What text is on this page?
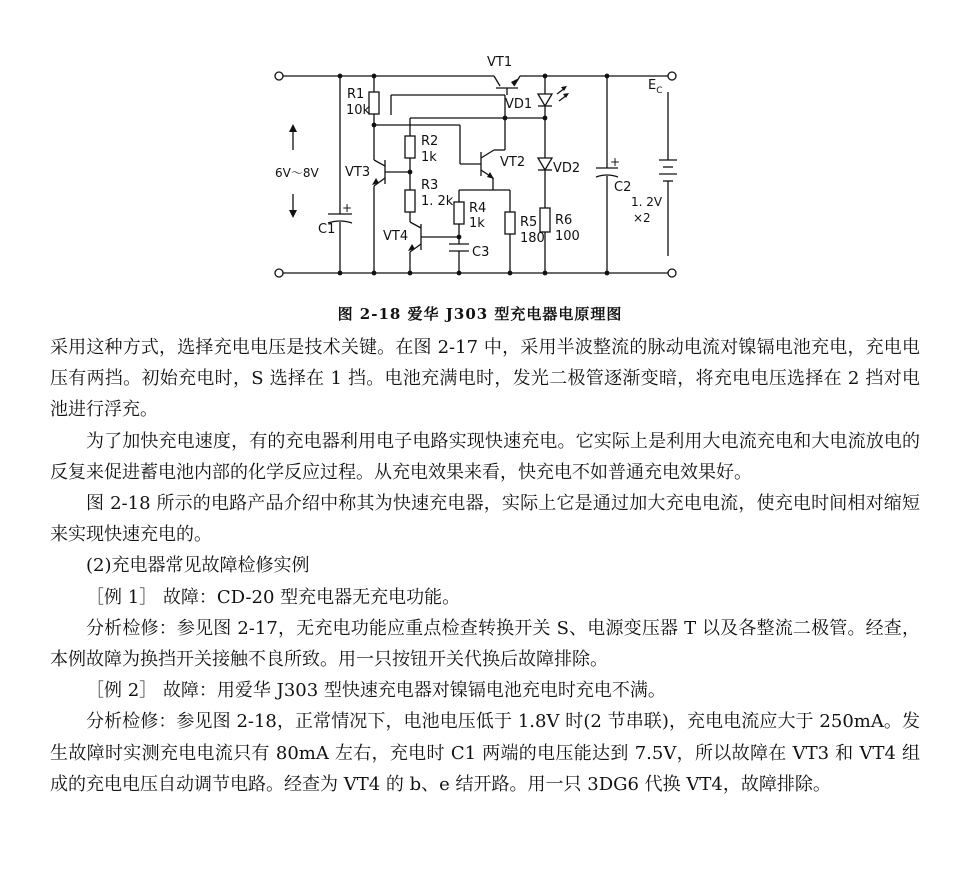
VT1
VD1
VD2
VT2
VT3
VT4
R1
10k
R2
1k
R3
1. 2k R4
1k	R5
180
R6
100
C3
C1
+
C2
+
6V～8V
$E_C$
1. 2V
×2
图 2-18 爱华 J303 型充电器电原理图

采用这种方式，选择充电电压是技术关键。在图 2-17 中，采用半波整流的脉动电流对镍镉电池充电，充电电压有两挡。初始充电时，S 选择在 1 挡。电池充满电时，发光二极管逐渐变暗，将充电电压选择在 2 挡对电池进行浮充。

为了加快充电速度，有的充电器利用电子电路实现快速充电。它实际上是利用大电流充电和大电流放电的反复来促进蓄电池内部的化学反应过程。从充电效果来看，快充电不如普通充电效果好。

图 2-18 所示的电路产品介绍中称其为快速充电器，实际上它是通过加大充电电流，使充电时间相对缩短来实现快速充电的。

(2)充电器常见故障检修实例

［例 1］ 故障：CD-20 型充电器无充电功能。

分析检修：参见图 2-17，无充电功能应重点检查转换开关 S、电源变压器 T 以及各整流二极管。经查，本例故障为换挡开关接触不良所致。用一只按钮开关代换后故障排除。

［例 2］ 故障：用爱华 J303 型快速充电器对镍镉电池充电时充电不满。

分析检修：参见图 2-18，正常情况下，电池电压低于 1.8V 时(2 节串联)，充电电流应大于 250mA。发生故障时实测充电电流只有 80mA 左右，充电时 C1 两端的电压能达到 7.5V，所以故障在 VT3 和 VT4 组成的充电电压自动调节电路。经查为 VT4 的 b、e 结开路。用一只 3DG6 代换 VT4，故障排除。
